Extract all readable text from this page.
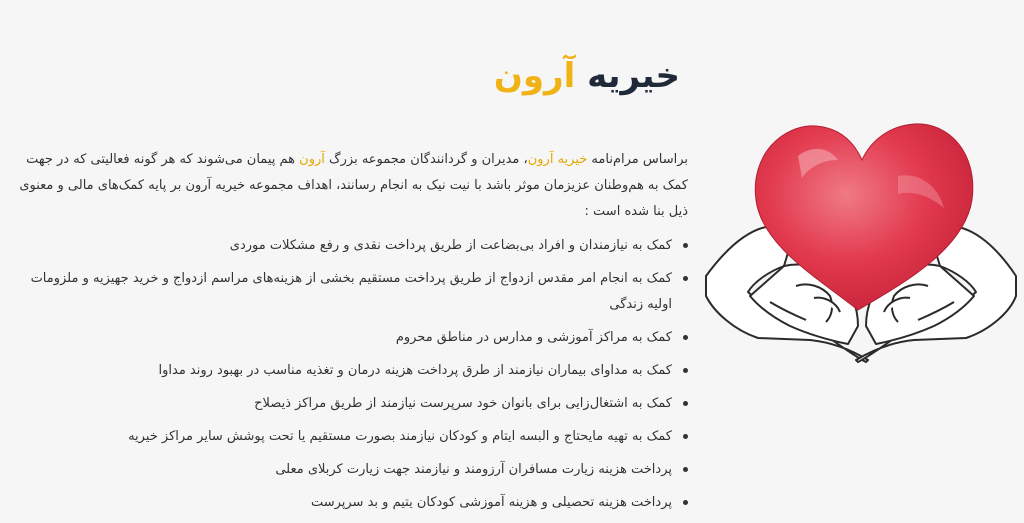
خیریه آرون

براساس مرام‌نامه خیریه آرون، مدیران و گردانندگان مجموعه بزرگ آرون هم پیمان می‌شوند که هر گونه فعالیتی که در جهت کمک به هم‌وطنان عزیزمان موثر باشد با نیت نیک به انجام رسانند، اهداف مجموعه خیریه آرون بر پایه کمک‌های مالی و معنوی ذیل بنا شده است :

کمک به نیازمندان و افراد بی‌بضاعت از طریق پرداخت نقدی و رفع مشکلات موردی
کمک به انجام امر مقدس ازدواج از طریق پرداخت مستقیم بخشی از هزینه‌های مراسم ازدواج و خرید جهیزیه و ملزومات اولیه زندگی
کمک به مراکز آموزشی و مدارس در مناطق محروم
کمک به مداوای بیماران نیازمند از طرق پرداخت هزینه درمان و تغذیه مناسب در بهبود روند مداوا
کمک به اشتغال‌زایی برای بانوان خود سرپرست نیازمند از طریق مراکز ذیصلاح
کمک به تهیه مایحتاج و البسه ایتام و کودکان نیازمند بصورت مستقیم یا تحت پوشش سایر مراکز خیریه
پرداخت هزینه زیارت مسافران آرزومند و نیازمند جهت زیارت کربلای معلی
پرداخت هزینه تحصیلی و هزینه آموزشی کودکان یتیم و بد سرپرست
